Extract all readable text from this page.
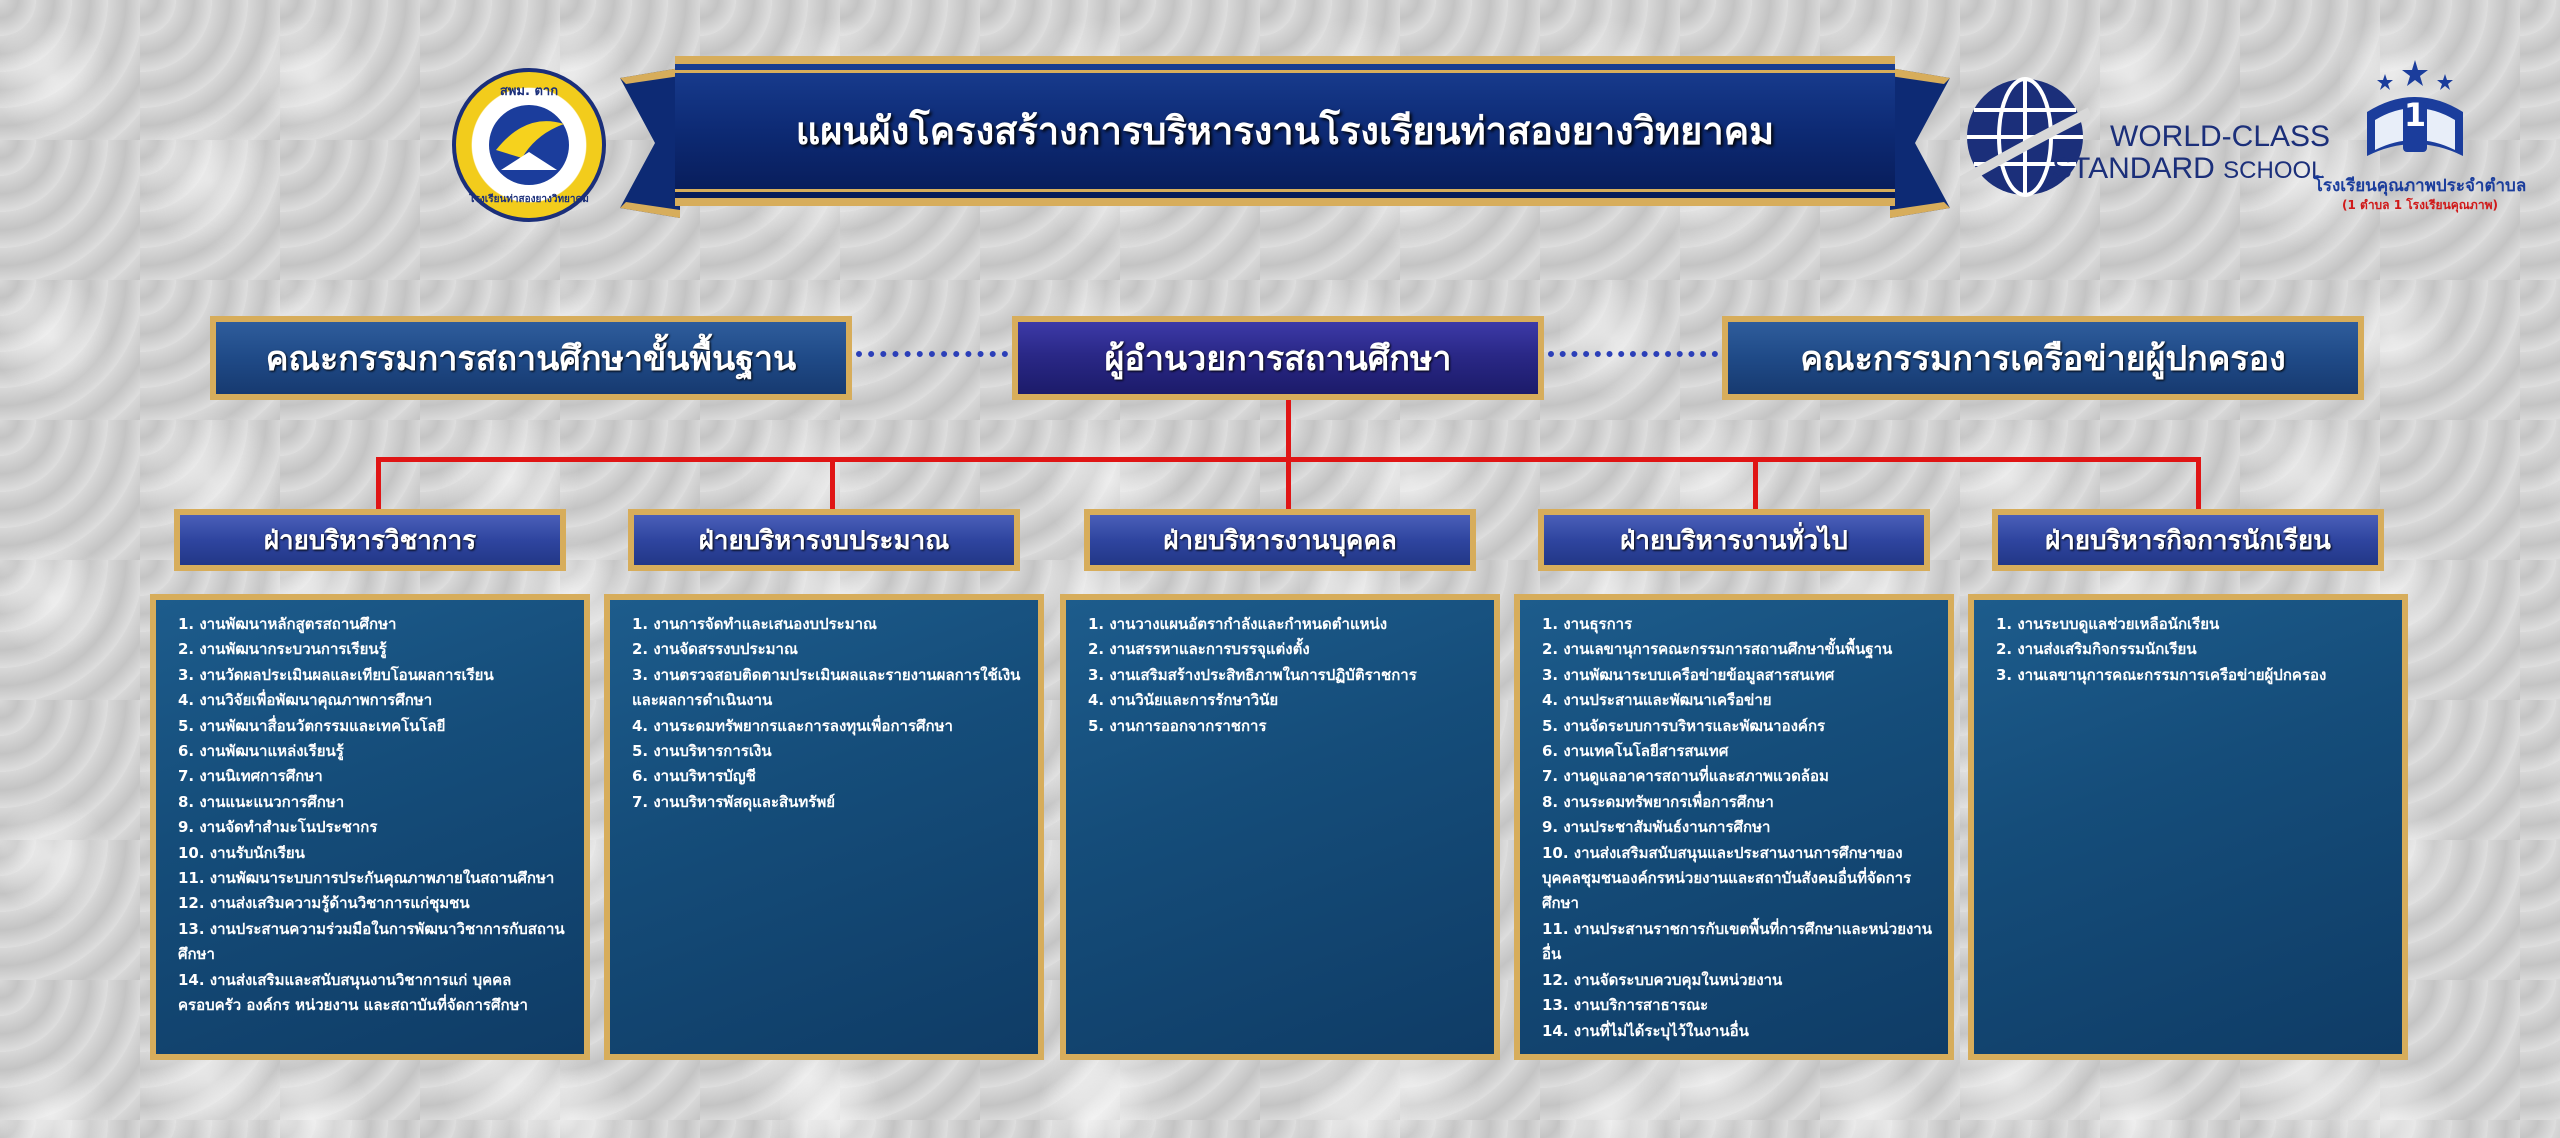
แผนผังโครงสร้างการบริหารงานโรงเรียนท่าสองยางวิทยาคม
สพม. ตาก
โรงเรียนท่าสองยางวิทยาคม
WORLD-CLASS
STANDARD SCHOOL
1
โรงเรียนคุณภาพประจำตำบล
(1 ตำบล 1 โรงเรียนคุณภาพ)
คณะกรรมการสถานศึกษาขั้นพื้นฐาน	ผู้อำนวยการสถานศึกษา	คณะกรรมการเครือข่ายผู้ปกครอง
ฝ่ายบริหารวิชาการ	ฝ่ายบริหารงบประมาณ	ฝ่ายบริหารงานบุคคล	ฝ่ายบริหารงานทั่วไป	ฝ่ายบริหารกิจการนักเรียน
1. งานพัฒนาหลักสูตรสถานศึกษา
2. งานพัฒนากระบวนการเรียนรู้
3. งานวัดผลประเมินผลและเทียบโอนผลการเรียน
4. งานวิจัยเพื่อพัฒนาคุณภาพการศึกษา
5. งานพัฒนาสื่อนวัตกรรมและเทคโนโลยี
6. งานพัฒนาแหล่งเรียนรู้
7. งานนิเทศการศึกษา
8. งานแนะแนวการศึกษา
9. งานจัดทำสำมะโนประชากร
10. งานรับนักเรียน
11. งานพัฒนาระบบการประกันคุณภาพภายในสถานศึกษา
12. งานส่งเสริมความรู้ด้านวิชาการแก่ชุมชน
13. งานประสานความร่วมมือในการพัฒนาวิชาการกับสถานศึกษา
14. งานส่งเสริมและสนับสนุนงานวิชาการแก่ บุคคล ครอบครัว องค์กร หน่วยงาน และสถาบันที่จัดการศึกษา
1. งานการจัดทำและเสนองบประมาณ
2. งานจัดสรรงบประมาณ
3. งานตรวจสอบติดตามประเมินผลและรายงานผลการใช้เงินและผลการดำเนินงาน
4. งานระดมทรัพยากรและการลงทุนเพื่อการศึกษา
5. งานบริหารการเงิน
6. งานบริหารบัญชี
7. งานบริหารพัสดุและสินทรัพย์
1. งานวางแผนอัตรากำลังและกำหนดตำแหน่ง
2. งานสรรหาและการบรรจุแต่งตั้ง
3. งานเสริมสร้างประสิทธิภาพในการปฏิบัติราชการ
4. งานวินัยและการรักษาวินัย
5. งานการออกจากราชการ
1. งานธุรการ
2. งานเลขานุการคณะกรรมการสถานศึกษาขั้นพื้นฐาน
3. งานพัฒนาระบบเครือข่ายข้อมูลสารสนเทศ
4. งานประสานและพัฒนาเครือข่าย
5. งานจัดระบบการบริหารและพัฒนาองค์กร
6. งานเทคโนโลยีสารสนเทศ
7. งานดูแลอาคารสถานที่และสภาพแวดล้อม
8. งานระดมทรัพยากรเพื่อการศึกษา
9. งานประชาสัมพันธ์งานการศึกษา
10. งานส่งเสริมสนับสนุนและประสานงานการศึกษาของบุคคลชุมชนองค์กรหน่วยงานและสถาบันสังคมอื่นที่จัดการศึกษา
11. งานประสานราชการกับเขตพื้นที่การศึกษาและหน่วยงานอื่น
12. งานจัดระบบควบคุมในหน่วยงาน
13. งานบริการสาธารณะ
14. งานที่ไม่ได้ระบุไว้ในงานอื่น
1. งานระบบดูแลช่วยเหลือนักเรียน
2. งานส่งเสริมกิจกรรมนักเรียน
3. งานเลขานุการคณะกรรมการเครือข่ายผู้ปกครอง
